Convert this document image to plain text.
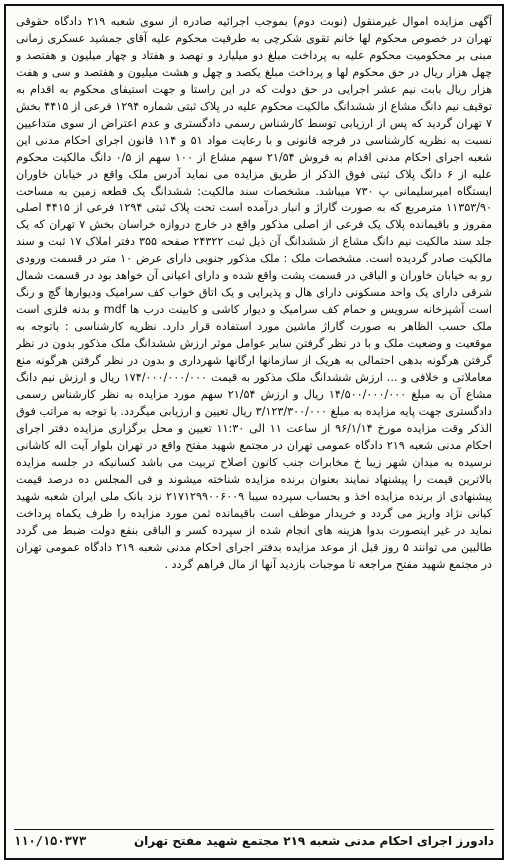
آگهی مزایده اموال غیرمنقول (نوبت دوم) بموجب اجرائیه صادره از سوی شعبه ۲۱۹ دادگاه حقوقی تهران در خصوص محکوم لها خانم تقوی شکرچی به طرفیت محکوم علیه آقای جمشید عسکری زمانی مبنی بر محکومیت محکوم علیه به پرداخت مبلغ دو میلیارد و نهصد و هفتاد و چهار میلیون و هفتصد و چهل هزار ریال در حق محکوم لها و پرداخت مبلغ یکصد و چهل و هشت میلیون و هفتصد و سی و هفت هزار ریال بابت نیم عشر اجرایی در حق دولت که در این راستا و جهت استیفای محکوم به اقدام به توقیف نیم دانگ مشاع از ششدانگ مالکیت محکوم علیه در پلاک ثبتی شماره ۱۲۹۴ فرعی از ۴۴۱۵ بخش ۷ تهران گردید که پس از ارزیابی توسط کارشناس رسمی دادگستری و عدم اعتراض از سوی متداعیین نسبت به نظریه کارشناسی در فرجه قانونی و با رعایت مواد ۵۱ و ۱۱۴ قانون اجرای احکام مدنی این شعبه اجرای احکام مدنی اقدام به فروش ۲۱/۵۴ سهم مشاع از ۱۰۰ سهم از ۰/۵ دانگ مالکیت محکوم علیه از ۶ دانگ پلاک ثبتی فوق الذکر از طریق مزایده می نماید آدرس ملک واقع در خیابان خاوران ایستگاه امیرسلیمانی پ ۷۳۰ میباشد. مشخصات سند مالکیت: ششدانگ یک قطعه زمین به مساحت ۱۱۳۵۳/۹۰ مترمربع که به صورت گاراژ و انبار درآمده است تحت پلاک ثبتی ۱۲۹۴ فرعی از ۴۴۱۵ اصلی مفروز و باقیمانده پلاک یک فرعی از اصلی مذکور واقع در خارج دروازه خراسان بخش ۷ تهران که یک جلد سند مالکیت نیم دانگ مشاع از ششدانگ آن ذیل ثبت ۲۴۳۲۲ صفحه ۳۵۵ دفتر املاک ۱۷ ثبت و سند مالکیت صادر گردیده است. مشخصات ملک : ملک مذکور جنوبی دارای عرض ۱۰ متر در قسمت ورودی رو به خیابان خاوران و الباقی در قسمت پشت واقع شده و دارای اعیانی آن خواهد بود در قسمت شمال شرقی دارای یک واحد مسکونی دارای هال و پذیرایی و یک اتاق خواب کف سرامیک ودیوارها گچ و رنگ است آشپزخانه سرویس و حمام کف سرامیک و دیوار کاشی و کابینت درب ها mdf و بدنه فلزی است ملک حسب الظاهر به صورت گاراژ ماشین مورد استفاده قرار دارد. نظریه کارشناسی : باتوجه به موقعیت و وضعیت ملک و با در نظر گرفتن سایر عوامل موثر ارزش ششدانگ ملک مذکور بدون در نظر گرفتن هرگونه بدهی احتمالی به هریک از سازمانها ارگانها شهرداری و بدون در نظر گرفتن هرگونه منع معاملاتی و خلافی و ... ارزش ششدانگ ملک مذکور به قیمت ۱۷۴/۰۰۰/۰۰۰/۰۰۰ ریال و ارزش نیم دانگ مشاع آن به مبلغ ۱۴/۵۰۰/۰۰۰/۰۰۰ ریال و ارزش ۲۱/۵۴ سهم مورد مزایده به نظر کارشناس رسمی دادگستری جهت پایه مزایده به مبلغ ۳/۱۲۳/۳۰۰/۰۰۰ ریال تعیین و ارزیابی میگردد. با توجه به مراتب فوق الذکر وقت مزایده مورخ ۹۶/۱/۱۴ از ساعت ۱۱ الی ۱۱:۳۰ تعیین و محل برگزاری مزایده دفتر اجرای احکام مدنی شعبه ۲۱۹ دادگاه عمومی تهران در مجتمع شهید مفتح واقع در تهران بلوار آیت اله کاشانی نرسیده به میدان شهر زیبا خ مخابرات جنب کانون اصلاح تربیت می باشد کسانیکه در جلسه مزایده بالاترین قیمت را پیشنهاد نمایند بعنوان برنده مزایده شناخته میشوند و فی المجلس ده درصد قیمت پیشنهادی از برنده مزایده اخذ و بحساب سپرده سیبا ۲۱۷۱۲۹۹۰۰۶۰۰۹ نزد بانک ملی ایران شعبه شهید کیانی نژاد واریز می گردد و خریدار موظف است باقیمانده ثمن مورد مزایده را ظرف یکماه پرداخت نماید در غیر اینصورت بدوا هزینه های انجام شده از سپرده کسر و الباقی بنفع دولت ضبط می گردد طالبین می توانند ۵ روز قبل از موعد مزایده بدفتر اجرای احکام مدنی شعبه ۲۱۹ دادگاه عمومی تهران در مجتمع شهید مفتح مراجعه تا موجبات بازدید آنها از مال فراهم گردد .
دادورز اجرای احکام مدنی شعبه ۲۱۹ مجتمع شهید مفتح تهران
۱۱۰/۱۵۰۳۷۳
